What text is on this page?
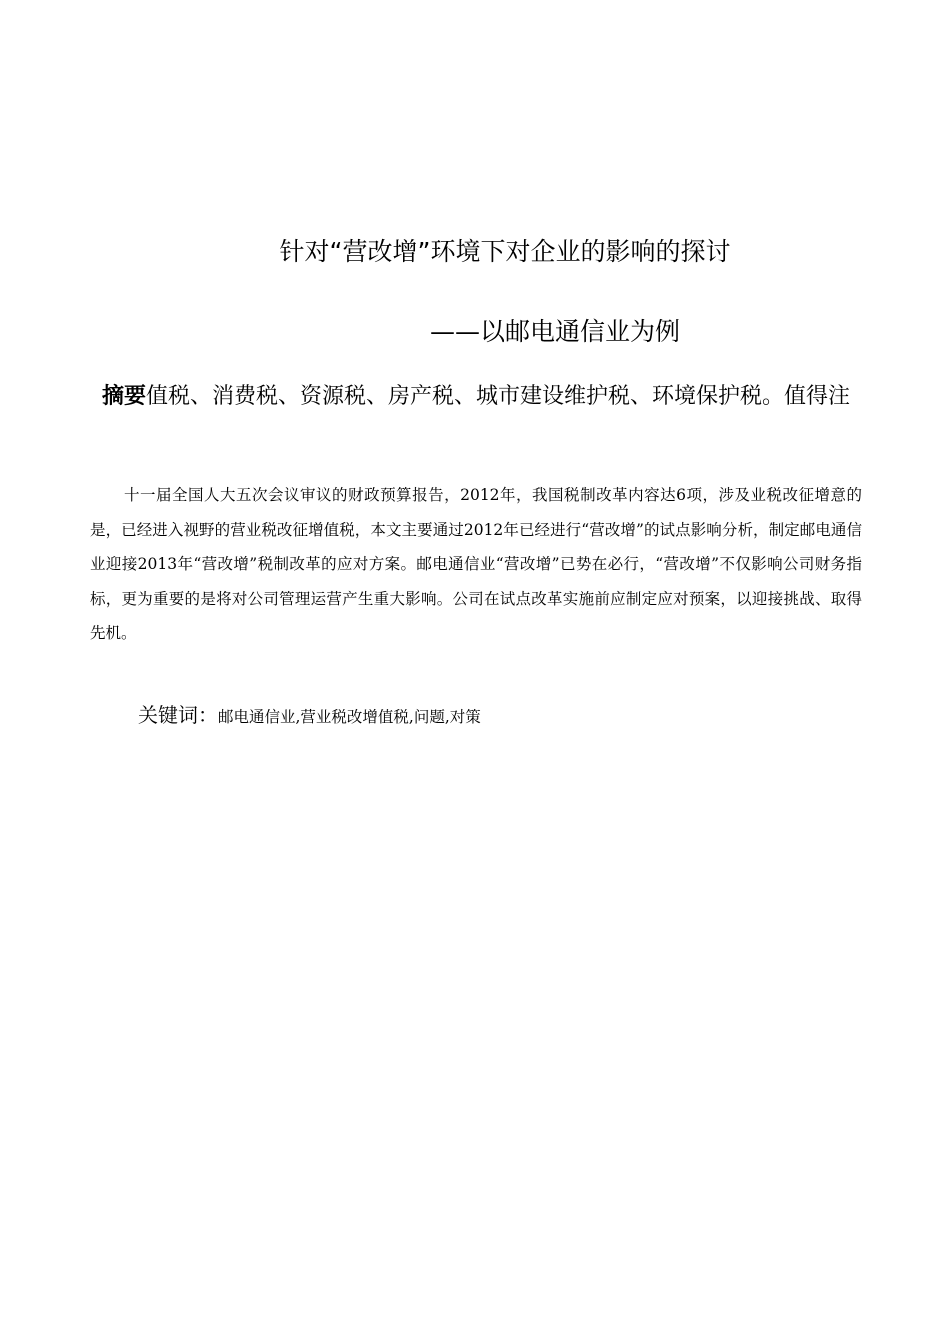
针对“营改增”环境下对企业的影响的探讨
——以邮电通信业为例

摘要值税、消费税、资源税、房产税、城市建设维护税、环境保护税。值得注

十一届全国人大五次会议审议的财政预算报告，2012年，我国税制改革内容达6项，涉及业税改征增意的是，已经进入视野的营业税改征增值税，本文主要通过2012年已经进行“营改增”的试点影响分析，制定邮电通信业迎接2013年“营改增”税制改革的应对方案。邮电通信业“营改增”已势在必行，“营改增”不仅影响公司财务指标，更为重要的是将对公司管理运营产生重大影响。公司在试点改革实施前应制定应对预案，以迎接挑战、取得先机。

关键词：邮电通信业,营业税改增值税,问题,对策
